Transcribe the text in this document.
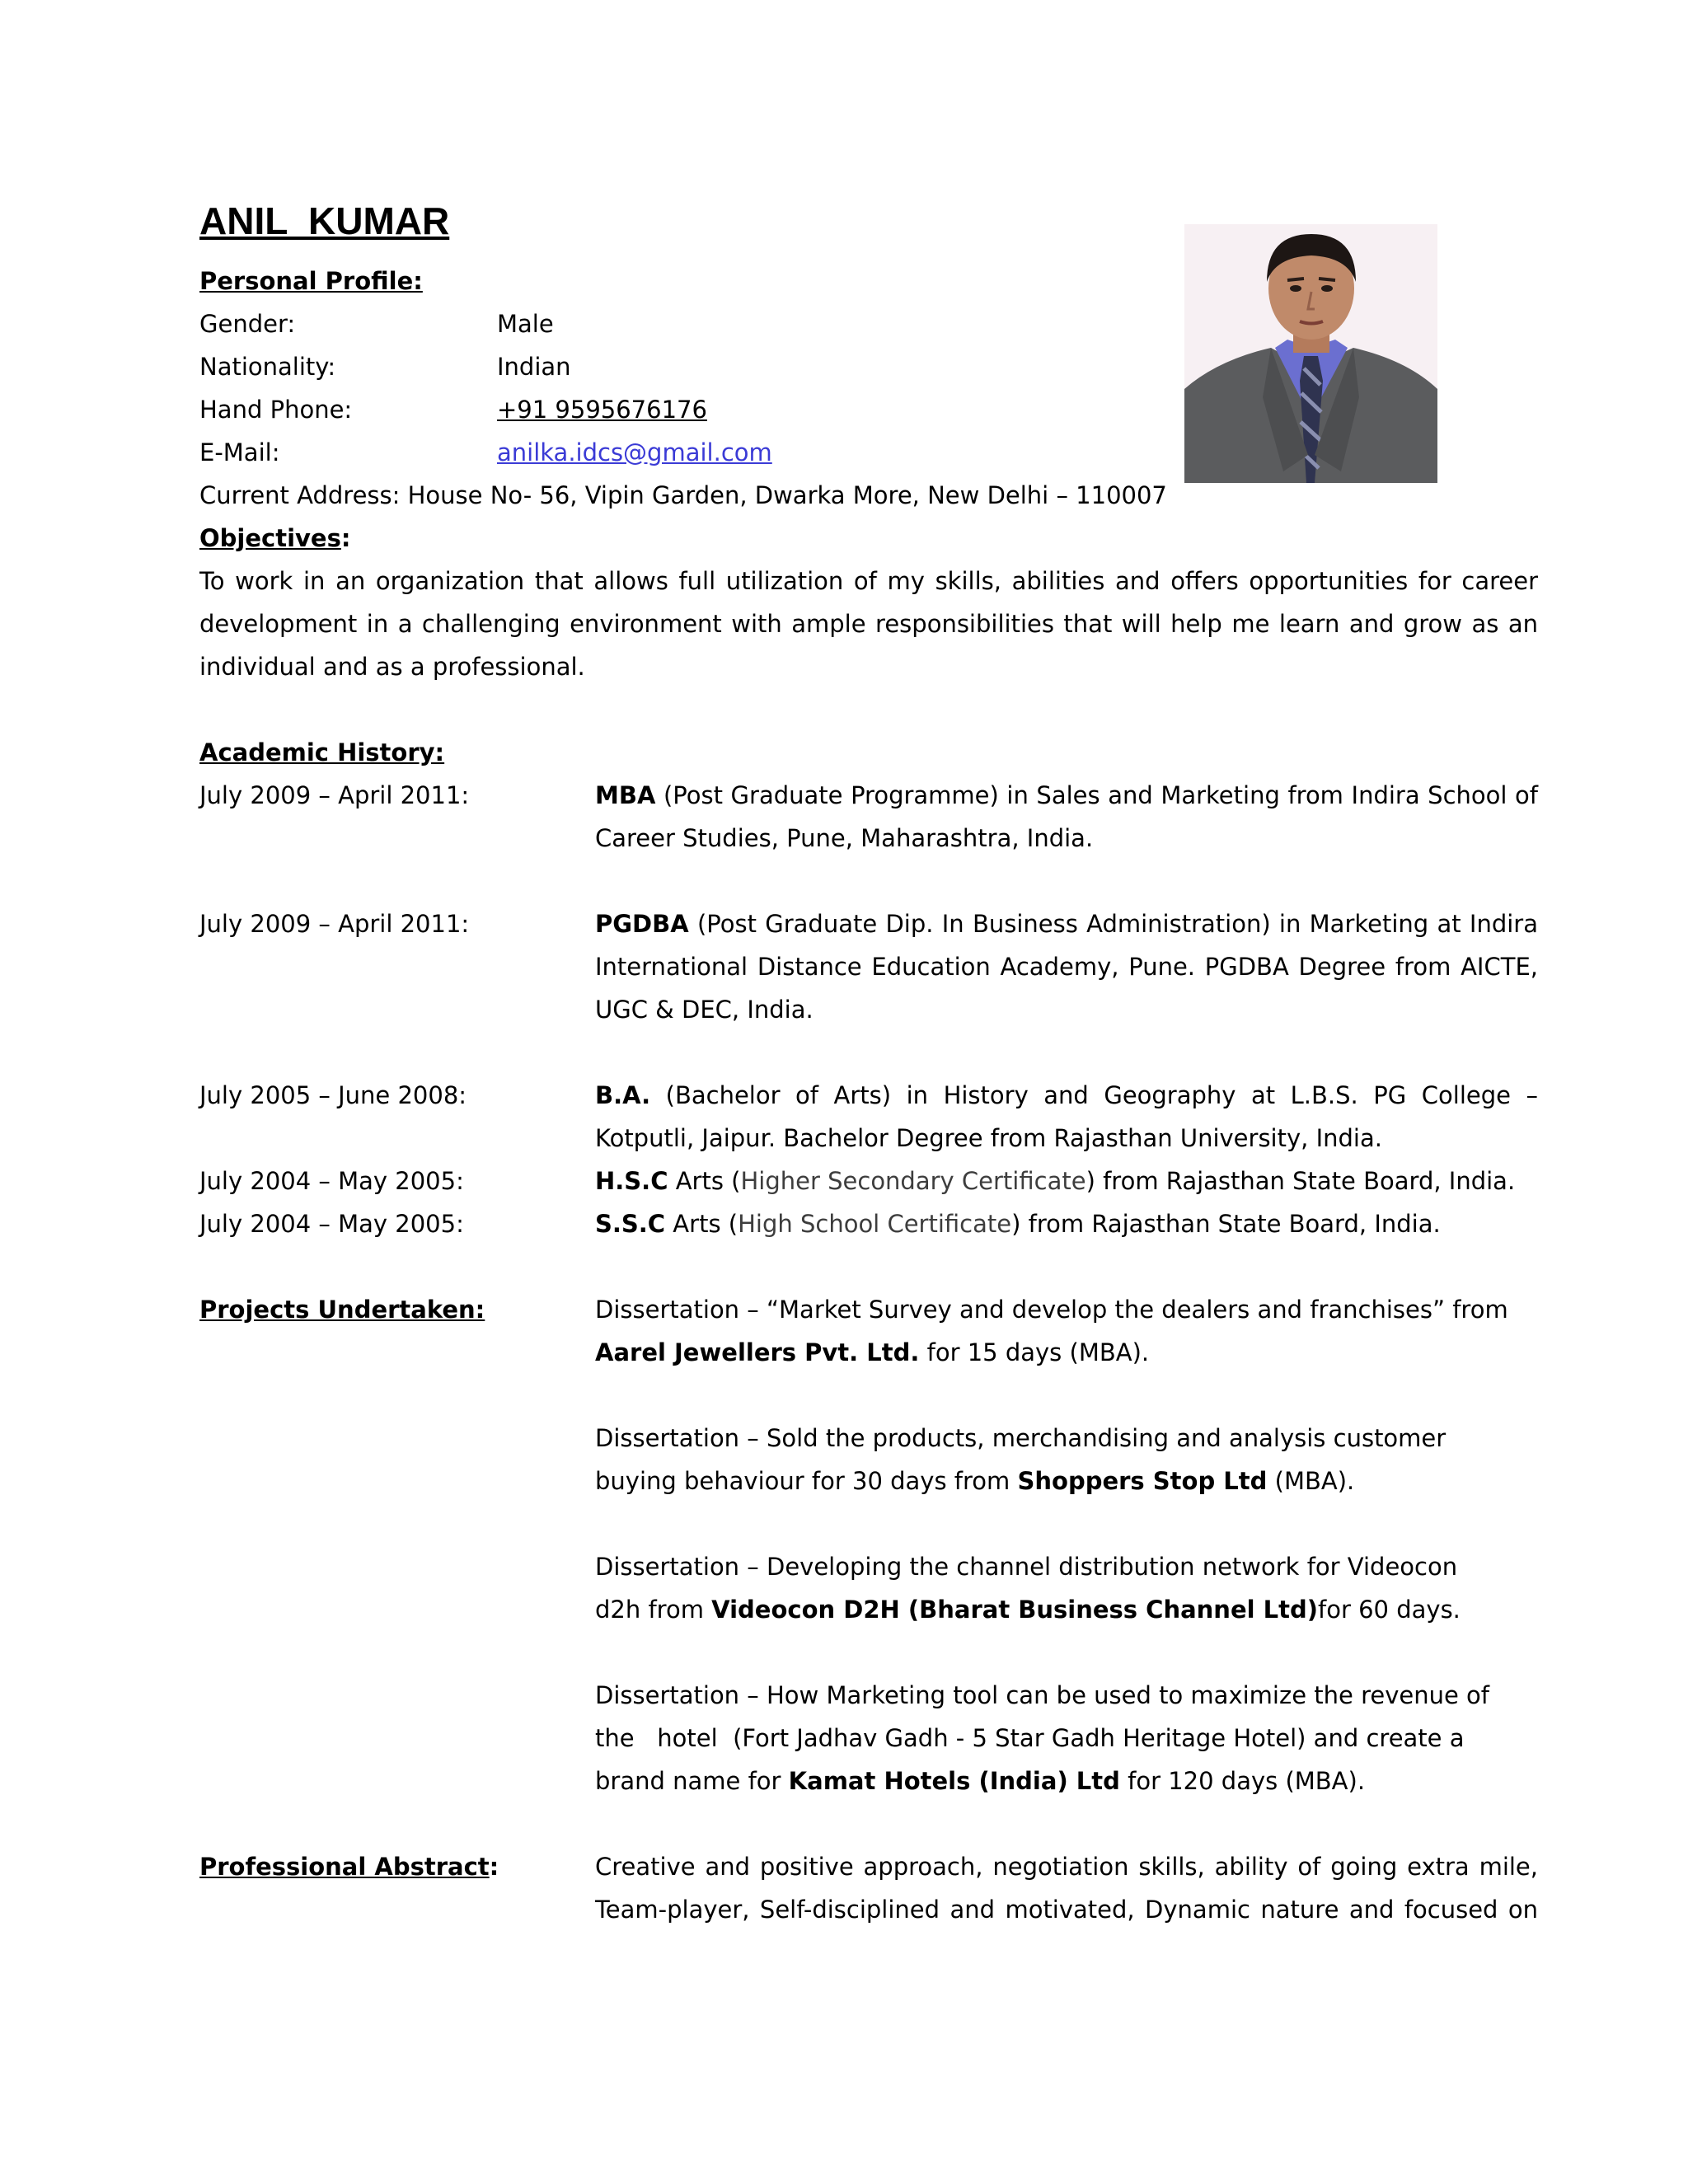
ANIL  KUMAR
Personal Profile:
Gender:	Male
Nationality:	Indian
Hand Phone:	+91 9595676176
E-Mail:	anilka.idcs@gmail.com
Current Address: House No- 56, Vipin Garden, Dwarka More, New Delhi – 110007
Objectives:
To work in an organization that allows full utilization of my skills, abilities and offers opportunities for career development in a challenging environment with ample responsibilities that will help me learn and grow as an individual and as a professional.
Academic History:
July 2009 – April 2011:	MBA (Post Graduate Programme) in Sales and Marketing from Indira School of Career Studies, Pune, Maharashtra, India.
July 2009 – April 2011:	PGDBA (Post Graduate Dip. In Business Administration) in Marketing at Indira International Distance Education Academy, Pune. PGDBA Degree from AICTE, UGC & DEC, India.
July 2005 – June 2008:	B.A. (Bachelor of Arts) in History and Geography at L.B.S. PG College – Kotputli, Jaipur. Bachelor Degree from Rajasthan University, India.
July 2004 – May 2005:	H.S.C Arts (Higher Secondary Certificate) from Rajasthan State Board, India.
July 2004 – May 2005:	S.S.C Arts (High School Certificate) from Rajasthan State Board, India.
Projects Undertaken:	Dissertation – “Market Survey and develop the dealers and franchises” from
Aarel Jewellers Pvt. Ltd. for 15 days (MBA).
Dissertation – Sold the products, merchandising and analysis customer
buying behaviour for 30 days from Shoppers Stop Ltd (MBA).
Dissertation – Developing the channel distribution network for Videocon
d2h from Videocon D2H (Bharat Business Channel Ltd)for 60 days.
Dissertation – How Marketing tool can be used to maximize the revenue of
the   hotel  (Fort Jadhav Gadh - 5 Star Gadh Heritage Hotel) and create a
brand name for Kamat Hotels (India) Ltd for 120 days (MBA).
Professional Abstract:	Creative and positive approach, negotiation skills, ability of going extra mile, Team-player, Self-disciplined and motivated, Dynamic nature and focused on
